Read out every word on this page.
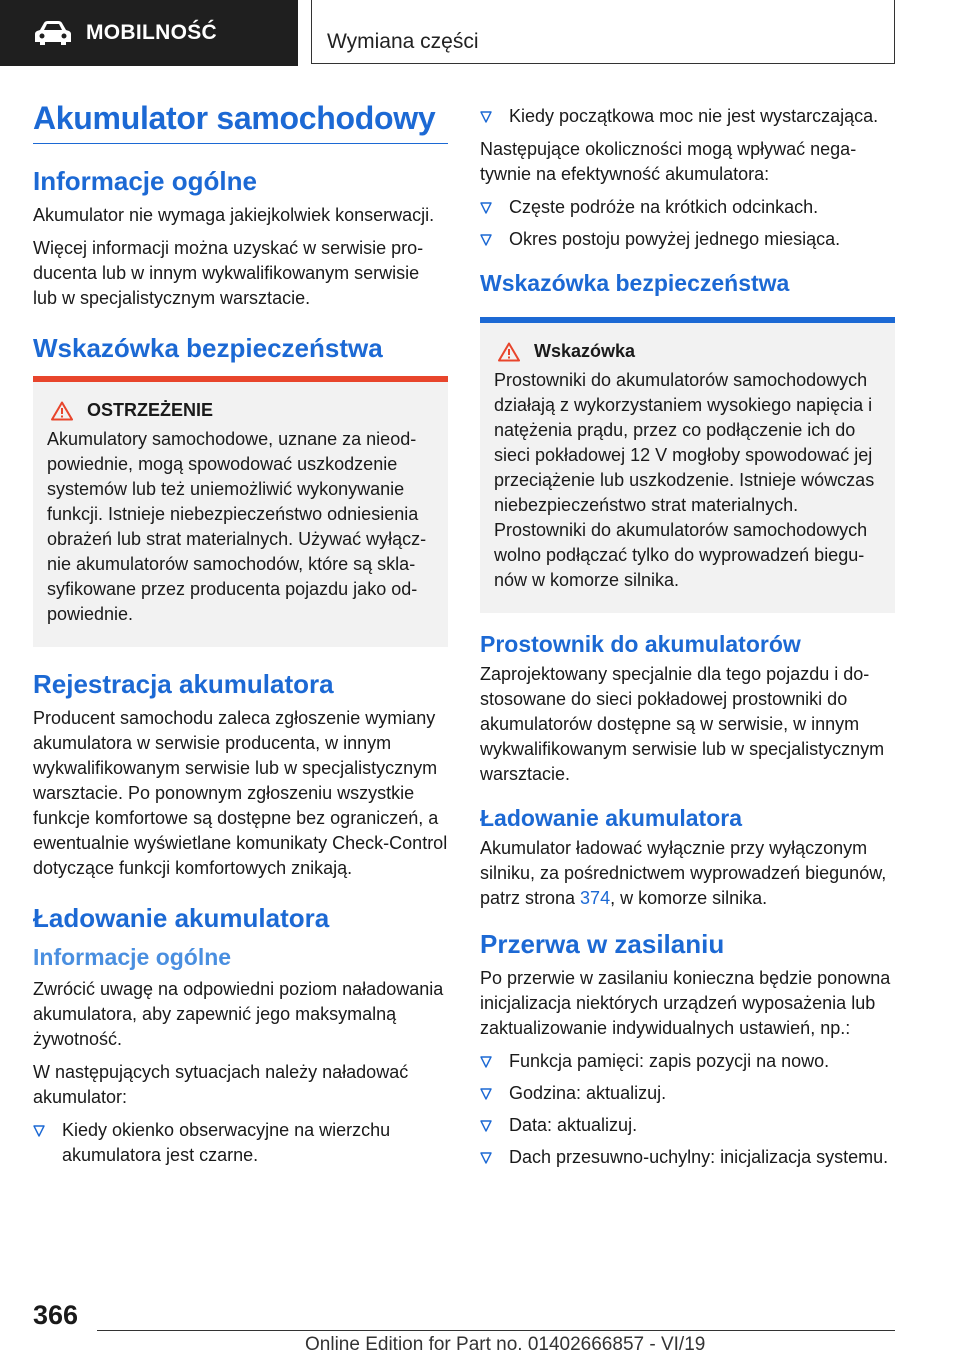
MOBILNOŚĆ	Wymiana części
Akumulator samochodowy
Informacje ogólne

Akumulator nie wymaga jakiejkolwiek konserwacji.

Więcej informacji można uzyskać w serwisie producenta lub w innym wykwalifikowanym serwisie lub w specjalistycznym warsztacie.

Wskazówka bezpieczeństwa
OSTRZEŻENIE

Akumulatory samochodowe, uznane za nieodpowiednie, mogą spowodować uszkodzenie systemów lub też uniemożliwić wykonywanie funkcji. Istnieje niebezpieczeństwo odniesienia obrażeń lub strat materialnych. Używać wyłącznie akumulatorów samochodów, które są sklasyfikowane przez producenta pojazdu jako odpowiednie.

Rejestracja akumulatora

Producent samochodu zaleca zgłoszenie wymiany akumulatora w serwisie producenta, w innym wykwalifikowanym serwisie lub w specjalistycznym warsztacie. Po ponownym zgłoszeniu wszystkie funkcje komfortowe są dostępne bez ograniczeń, a ewentualnie wyświetlane komunikaty Check-Control dotyczące funkcji komfortowych znikają.

Ładowanie akumulatora
Informacje ogólne

Zwrócić uwagę na odpowiedni poziom naładowania akumulatora, aby zapewnić jego maksymalną żywotność.

W następujących sytuacjach należy naładować akumulator:

Kiedy okienko obserwacyjne na wierzchu akumulatora jest czarne.
Kiedy początkowa moc nie jest wystarczająca.

Następujące okoliczności mogą wpływać negatywnie na efektywność akumulatora:

Częste podróże na krótkich odcinkach.
Okres postoju powyżej jednego miesiąca.
Wskazówka bezpieczeństwa
Wskazówka

Prostowniki do akumulatorów samochodowych działają z wykorzystaniem wysokiego napięcia i natężenia prądu, przez co podłączenie ich do sieci pokładowej 12 V mogłoby spowodować jej przeciążenie lub uszkodzenie. Istnieje wówczas niebezpieczeństwo strat materialnych. Prostowniki do akumulatorów samochodowych wolno podłączać tylko do wyprowadzeń biegunów w komorze silnika.

Prostownik do akumulatorów

Zaprojektowany specjalnie dla tego pojazdu i dostosowane do sieci pokładowej prostowniki do akumulatorów dostępne są w serwisie, w innym wykwalifikowanym serwisie lub w specjalistycznym warsztacie.

Ładowanie akumulatora

Akumulator ładować wyłącznie przy wyłączonym silniku, za pośrednictwem wyprowadzeń biegunów, patrz strona 374, w komorze silnika.

Przerwa w zasilaniu

Po przerwie w zasilaniu konieczna będzie ponowna inicjalizacja niektórych urządzeń wyposażenia lub zaktualizowanie indywidualnych ustawień, np.:

Funkcja pamięci: zapis pozycji na nowo.
Godzina: aktualizuj.
Data: aktualizuj.
Dach przesuwno-uchylny: inicjalizacja systemu.
366
Online Edition for Part no. 01402666857 - VI/19
